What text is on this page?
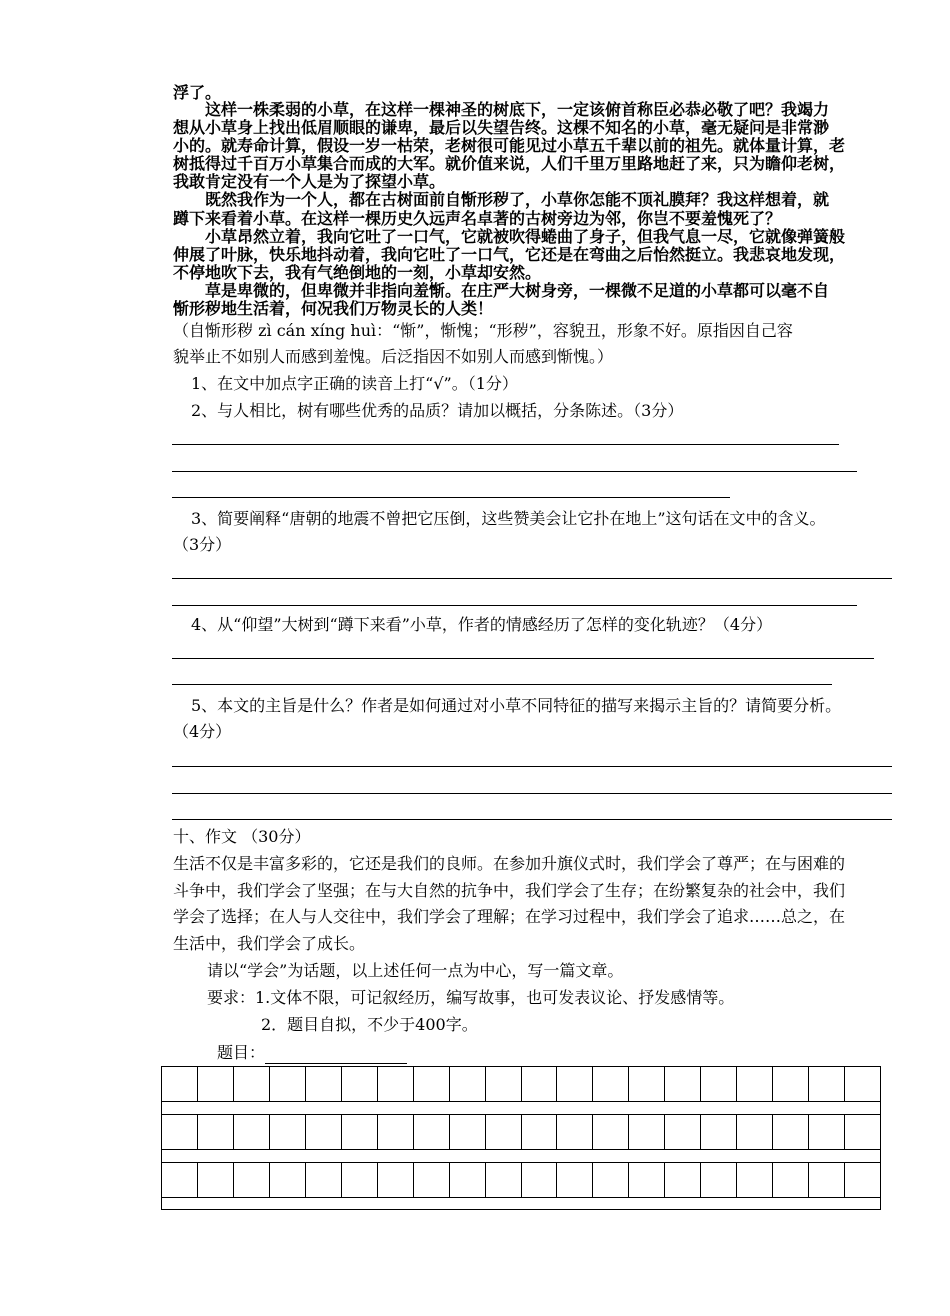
浮了。
　　这样一株柔弱的小草，在这样一棵神圣的树底下，一定该俯首称臣必恭必敬了吧？我竭力
想从小草身上找出低眉顺眼的谦卑，最后以失望告终。这棵不知名的小草，毫无疑问是非常渺
小的。就寿命计算，假设一岁一枯荣，老树很可能见过小草五千辈以前的祖先。就体量计算，老
树抵得过千百万小草集合而成的大军。就价值来说，人们千里万里路地赶了来，只为瞻仰老树，
我敢肯定没有一个人是为了探望小草。
　　既然我作为一个人，都在古树面前自惭形秽了，小草你怎能不顶礼膜拜？我这样想着，就
蹲下来看着小草。在这样一棵历史久远声名卓著的古树旁边为邻，你岂不要羞愧死了？
　　小草昂然立着，我向它吐了一口气，它就被吹得蜷曲了身子，但我气息一尽，它就像弹簧般
伸展了叶脉，快乐地抖动着，我向它吐了一口气，它还是在弯曲之后怡然挺立。我悲哀地发现，
不停地吹下去，我有气绝倒地的一刻，小草却安然。
　　草是卑微的，但卑微并非指向羞惭。在庄严大树身旁，一棵微不足道的小草都可以毫不自
惭形秽地生活着，何况我们万物灵长的人类！
（自惭形秽 zì cán xíng huì：“惭”，惭愧；“形秽”，容貌丑，形象不好。原指因自己容
貌举止不如别人而感到羞愧。后泛指因不如别人而感到惭愧。）
1、在文中加点字正确的读音上打“√”。（1分）
2、与人相比，树有哪些优秀的品质？请加以概括，分条陈述。（3分）
3、简要阐释“唐朝的地震不曾把它压倒，这些赞美会让它扑在地上”这句话在文中的含义。
（3分）
4、从“仰望”大树到“蹲下来看”小草，作者的情感经历了怎样的变化轨迹？（4分）
5、本文的主旨是什么？作者是如何通过对小草不同特征的描写来揭示主旨的？请简要分析。
（4分）
十、作文 （30分）
生活不仅是丰富多彩的，它还是我们的良师。在参加升旗仪式时，我们学会了尊严；在与困难的
斗争中，我们学会了坚强；在与大自然的抗争中，我们学会了生存；在纷繁复杂的社会中，我们
学会了选择；在人与人交往中，我们学会了理解；在学习过程中，我们学会了追求……总之，在
生活中，我们学会了成长。
请以“学会”为话题，以上述任何一点为中心，写一篇文章。
要求：1.文体不限，可记叙经历，编写故事，也可发表议论、抒发感情等。
2．题目自拟，不少于400字。
题目：
